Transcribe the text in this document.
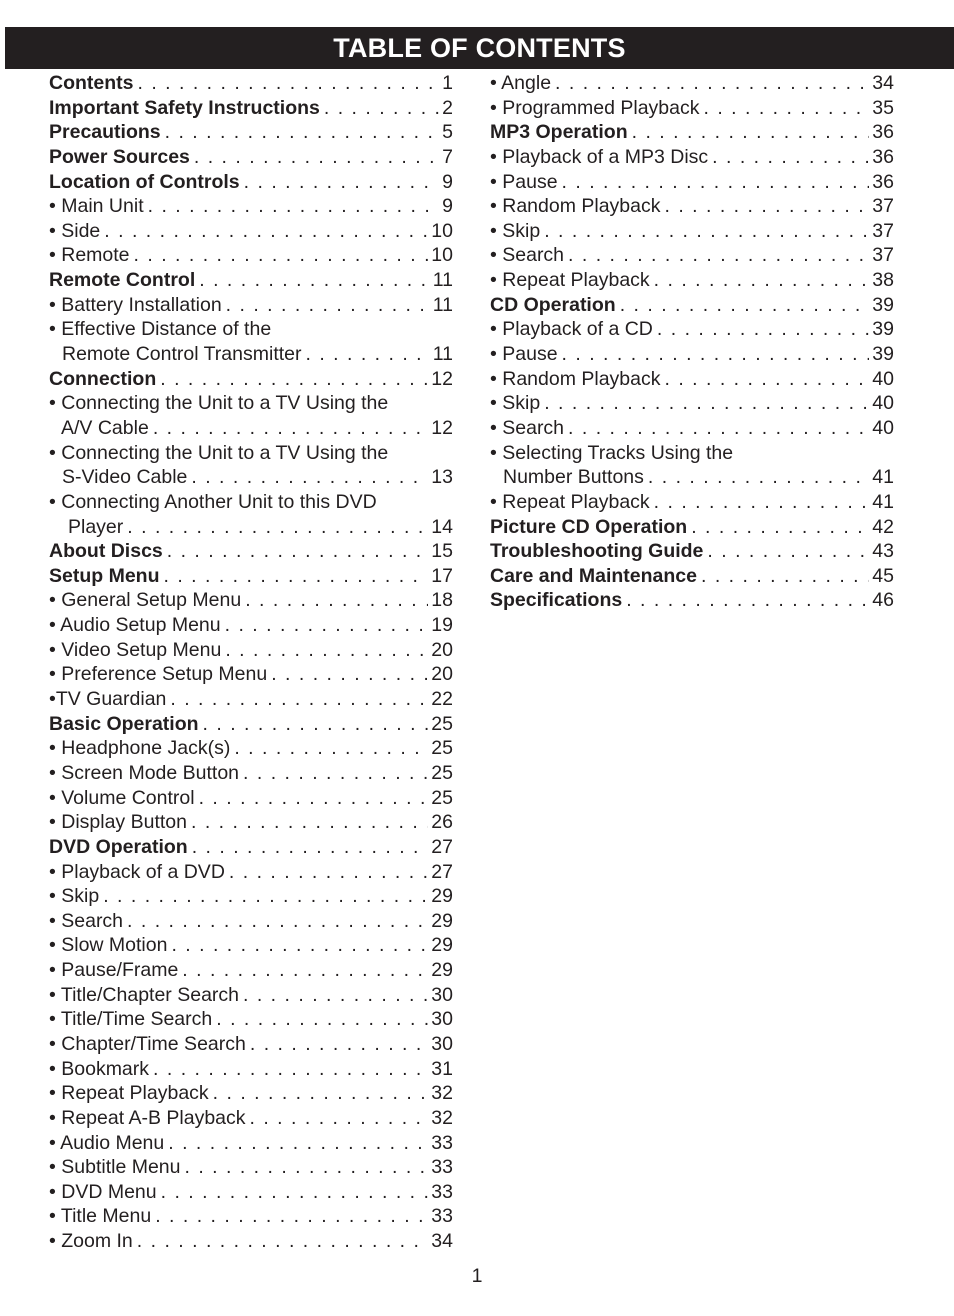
TABLE OF CONTENTS
Contents . . .	1
Important Safety Instructions . . .	2
Precautions . . .	5
Power Sources . . .	7
Location of Controls . . .	9
• Main Unit . . .	9
• Side . . .	10
• Remote . . .	10
Remote Control . . .	11
• Battery Installation . . .	11
• Effective Distance of the
Remote Control Transmitter . . .	11
Connection . . .	12
• Connecting the Unit to a TV Using the
A/V Cable . . .	12
• Connecting the Unit to a TV Using the
S-Video Cable . . .	13
• Connecting Another Unit to this DVD
Player . . .	14
About Discs . . .	15
Setup Menu . . .	17
• General Setup Menu . . .	18
• Audio Setup Menu . . .	19
• Video Setup Menu . . .	20
• Preference Setup Menu . . .	20
•TV Guardian . . .	22
Basic Operation . . .	25
• Headphone Jack(s) . . .	25
• Screen Mode Button . . .	25
• Volume Control . . .	25
• Display Button . . .	26
DVD Operation . . .	27
• Playback of a DVD . . .	27
• Skip . . .	29
• Search . . .	29
• Slow Motion . . .	29
• Pause/Frame . . .	29
• Title/Chapter Search . . .	30
• Title/Time Search . . .	30
• Chapter/Time Search . . .	30
• Bookmark . . .	31
• Repeat Playback . . .	32
• Repeat A-B Playback . . .	32
• Audio Menu . . .	33
• Subtitle Menu . . .	33
• DVD Menu . . .	33
• Title Menu . . .	33
• Zoom In . . .	34
• Angle . . .	34
• Programmed Playback . . .	35
MP3 Operation . . .	36
• Playback of a MP3 Disc . . .	36
• Pause . . .	36
• Random Playback . . .	37
• Skip . . .	37
• Search . . .	37
• Repeat Playback . . .	38
CD Operation . . .	39
• Playback of a CD . . .	39
• Pause . . .	39
• Random Playback . . .	40
• Skip . . .	40
• Search . . .	40
• Selecting Tracks Using the
Number Buttons . . .	41
• Repeat Playback . . .	41
Picture CD Operation . . .	42
Troubleshooting Guide . . .	43
Care and Maintenance . . .	45
Specifications . . .	46
1
